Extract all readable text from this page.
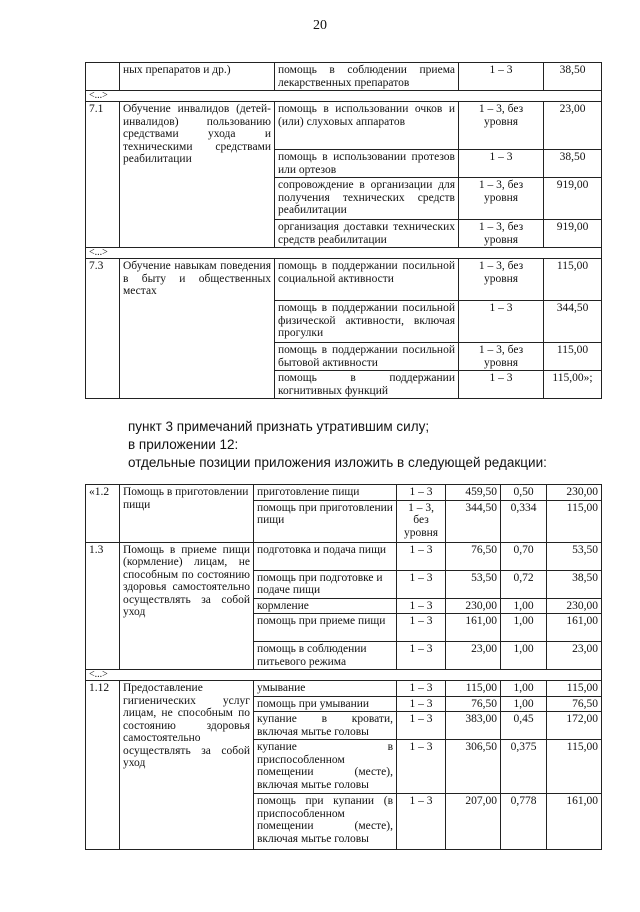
20
	ных препаратов и др.)	помощь в соблюдении приема лекарственных препаратов	1 – 3	38,50
<...>				
7.1	Обучение инвалидов (детей-инвалидов) пользованию средствами ухода и техническими средствами реабилитации	помощь в использовании очков и (или) слуховых аппаратов	1 – 3, без уровня	23,00
		помощь в использовании протезов или ортезов	1 – 3	38,50
		сопровождение в организации для получения технических средств реабилитации	1 – 3, без уровня	919,00
		организация доставки технических средств реабилитации	1 – 3, без уровня	919,00
<...>				
7.3	Обучение навыкам поведения в быту и общественных местах	помощь в поддержании посильной социальной активности	1 – 3, без уровня	115,00
		помощь в поддержании посильной физической активности, включая прогулки	1 – 3	344,50
		помощь в поддержании посильной бытовой активности	1 – 3, без уровня	115,00
		помощь в поддержании когнитивных функций	1 – 3	115,00»;
пункт 3 примечаний признать утратившим силу;
в приложении 12:
отдельные позиции приложения изложить в следующей редакции:
«1.2	Помощь в приготовлении пищи	приготовление пищи	1 – 3	459,50	0,50	230,00
		помощь при приготовлении пищи	1 – 3, без уровня	344,50	0,334	115,00
1.3	Помощь в приеме пищи (кормление) лицам, не способным по состоянию здоровья самостоятельно осуществлять за собой уход	подготовка и подача пищи	1 – 3	76,50	0,70	53,50
		помощь при подготовке и подаче пищи	1 – 3	53,50	0,72	38,50
		кормление	1 – 3	230,00	1,00	230,00
		помощь при приеме пищи	1 – 3	161,00	1,00	161,00
		помощь в соблюдении питьевого режима	1 – 3	23,00	1,00	23,00
<...>						
1.12	Предоставление гигиенических услуг лицам, не способным по состоянию здоровья самостоятельно осуществлять за собой уход	умывание	1 – 3	115,00	1,00	115,00
		помощь при умывании	1 – 3	76,50	1,00	76,50
		купание в кровати, включая мытье головы	1 – 3	383,00	0,45	172,00
		купание в приспособленном помещении (месте), включая мытье головы	1 – 3	306,50	0,375	115,00
		помощь при купании (в приспособленном помещении (месте), включая мытье головы	1 – 3	207,00	0,778	161,00
